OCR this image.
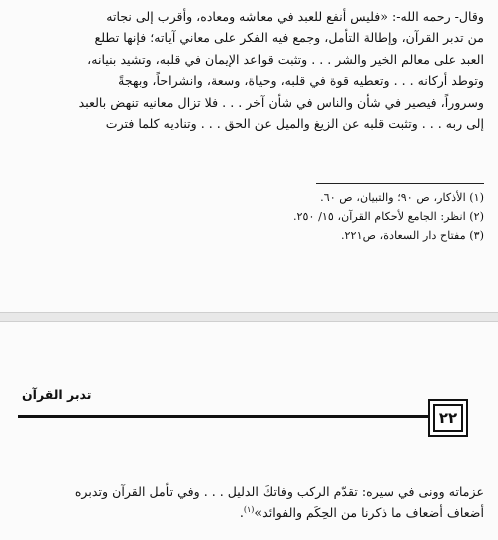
وقال- رحمه الله-: «فليس أنفع للعبد في معاشه ومعاده، وأقرب إلى نجاته

من تدبر القرآن، وإطالة التأمل، وجمع فيه الفكر على معاني آياته؛ فإنها تطلع

العبد على معالم الخير والشر . . . وتثبت قواعد الإيمان في قلبه، وتشيد بنيانه،

وتوطد أركانه . . . وتعطيه قوة في قلبه، وحياة، وسعة، وانشراحاً، وبهجةً

وسروراً، فيصير في شأن والناس في شأن آخر . . . فلا تزال معانيه تنهض بالعبد

إلى ربه . . . وتثبت قلبه عن الزيغ والميل عن الحق . . . وتناديه كلما فترت

(١) الأذكار، ص ٩٠؛ والتبيان، ص ٦٠.
(٢) انظر: الجامع لأحكام القرآن، ١٥/ ٢٥٠.
(٣) مفتاح دار السعادة، ص٢٢١.
تدبر القرآن
٢٢

عزماته وونى في سيره: تقدّم الركب وفاتكَ الدليل . . . وفي تأمل القرآن وتدبره

أضعاف أضعاف ما ذكرنا من الحِكَم والفوائد»$^{(١)}$.
